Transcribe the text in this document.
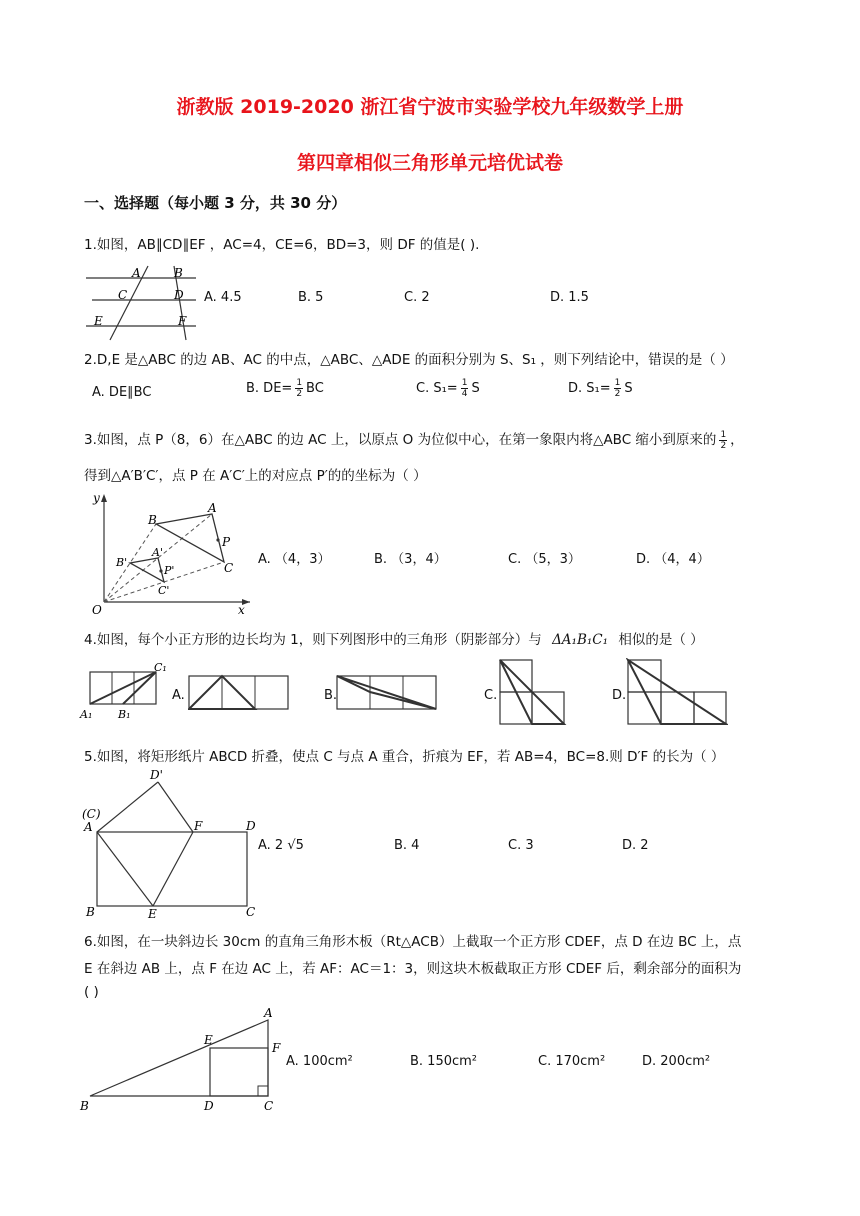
浙教版 2019-2020 浙江省宁波市实验学校九年级数学上册
第四章相似三角形单元培优试卷
一、选择题（每小题 3 分，共 30 分）
1.如图，AB∥CD∥EF ，AC=4，CE=6，BD=3，则 DF 的值是( ).
A	B
C	D
E	F
A. 4.5	B. 5	C. 2	D. 1.5
2.D,E 是△ABC 的边 AB、AC 的中点，△ABC、△ADE 的面积分别为 S、S₁ ，则下列结论中，错误的是（ ）
A. DE∥BC	B. $DE= \frac{1}{2}$ BC	C. $S_1= \frac{1}{4}$ S	D. $S_1= \frac{1}{2}$ S
3.如图，点 P（8，6）在△ABC 的边 AC 上，以原点 O 为位似中心，在第一象限内将△ABC 缩小到原来的 $\frac{1}{2}$ ，
得到△A′B′C′，点 P 在 A′C′上的对应点 P′的的坐标为（ ）
y
x
O
A
B
C
P
A'
B'
C'
P'
A. （4，3）	B. （3，4）	C. （5，3）	D. （4，4）
4.如图，每个小正方形的边长均为 1，则下列图形中的三角形（阴影部分）与 ΔA₁B₁C₁ 相似的是（ ）
C₁
A₁ B₁
A.	B.	C.	D.
5.如图，将矩形纸片 ABCD 折叠，使点 C 与点 A 重合，折痕为 EF，若 AB=4，BC=8.则 D′F 的长为（ ）
D'
(C)
A	F	D
B	E	C
A. 2 √5	B. 4	C. 3	D. 2
6.如图，在一块斜边长 30cm 的直角三角形木板（Rt△ACB）上截取一个正方形 CDEF，点 D 在边 BC 上，点
E 在斜边 AB 上，点 F 在边 AC 上，若 AF：AC＝1：3，则这块木板截取正方形 CDEF 后，剩余部分的面积为
( )
A
E
F
B	D	C
A. 100cm²	B. 150cm²	C. 170cm²	D. 200cm²
